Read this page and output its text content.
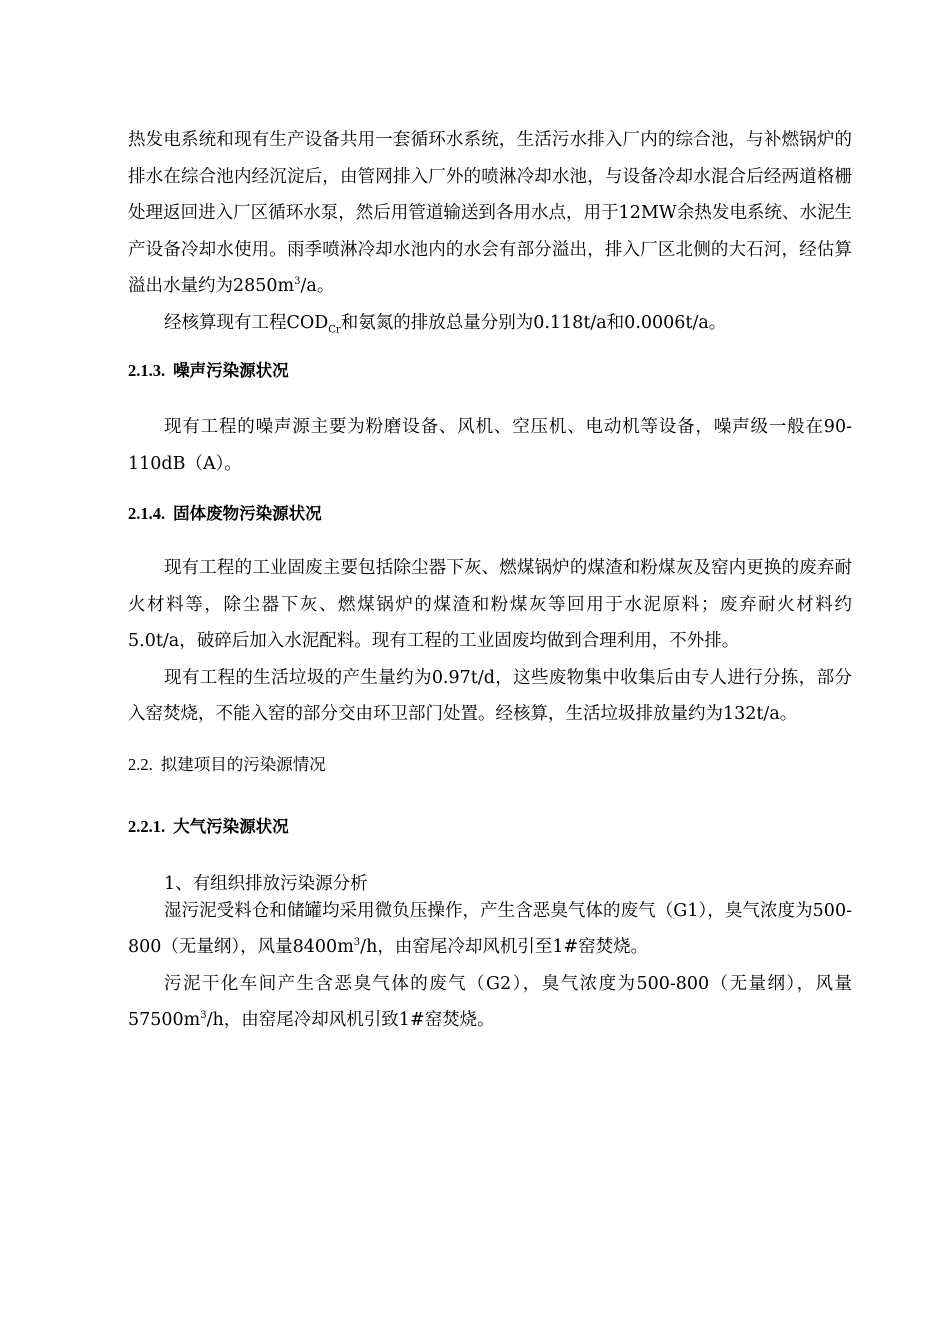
热发电系统和现有生产设备共用一套循环水系统，生活污水排入厂内的综合池，与补燃锅炉的排水在综合池内经沉淀后，由管网排入厂外的喷淋冷却水池，与设备冷却水混合后经两道格栅处理返回进入厂区循环水泵，然后用管道输送到各用水点，用于12MW余热发电系统、水泥生产设备冷却水使用。雨季喷淋冷却水池内的水会有部分溢出，排入厂区北侧的大石河，经估算溢出水量约为$2850m^3/a$。

经核算现有工程$COD_{Cr}$和氨氮的排放总量分别为0.118t/a和0.0006t/a。

2.1.3. 噪声污染源状况

现有工程的噪声源主要为粉磨设备、风机、空压机、电动机等设备，噪声级一般在90-110dB（A）。

2.1.4. 固体废物污染源状况

现有工程的工业固废主要包括除尘器下灰、燃煤锅炉的煤渣和粉煤灰及窑内更换的废弃耐火材料等，除尘器下灰、燃煤锅炉的煤渣和粉煤灰等回用于水泥原料；废弃耐火材料约5.0t/a，破碎后加入水泥配料。现有工程的工业固废均做到合理利用，不外排。

现有工程的生活垃圾的产生量约为0.97t/d，这些废物集中收集后由专人进行分拣，部分入窑焚烧，不能入窑的部分交由环卫部门处置。经核算，生活垃圾排放量约为132t/a。

2.2. 拟建项目的污染源情况
2.2.1. 大气污染源状况

1、有组织排放污染源分析

湿污泥受料仓和储罐均采用微负压操作，产生含恶臭气体的废气（G1），臭气浓度为500-800（无量纲），风量$8400m^3/h$，由窑尾冷却风机引至1#窑焚烧。

污泥干化车间产生含恶臭气体的废气（G2），臭气浓度为500-800（无量纲），风量$57500m^3/h$，由窑尾冷却风机引致1#窑焚烧。
